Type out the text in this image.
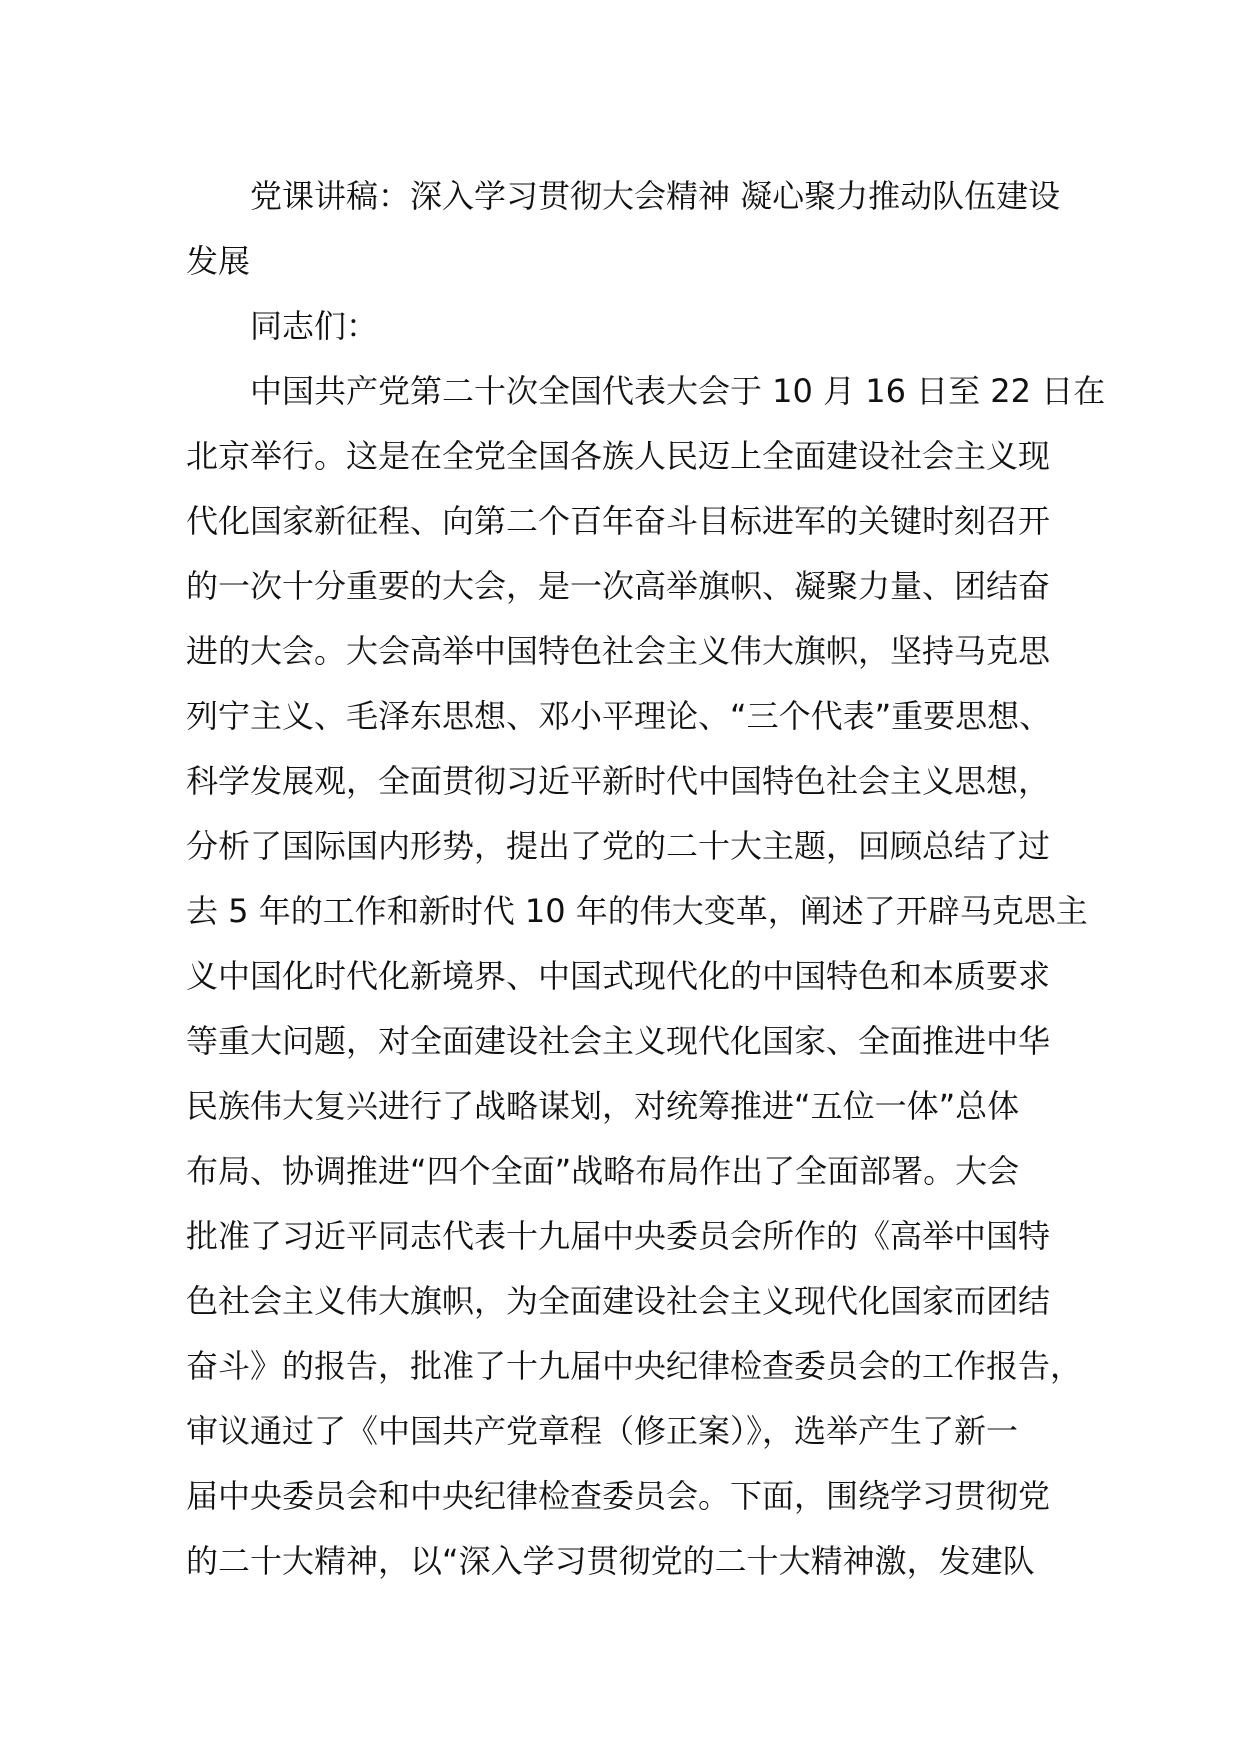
党课讲稿：深入学习贯彻大会精神 凝心聚力推动队伍建设
发展
同志们：
中国共产党第二十次全国代表大会于 10 月 16 日至 22 日在
北京举行。这是在全党全国各族人民迈上全面建设社会主义现
代化国家新征程、向第二个百年奋斗目标进军的关键时刻召开
的一次十分重要的大会，是一次高举旗帜、凝聚力量、团结奋
进的大会。大会高举中国特色社会主义伟大旗帜，坚持马克思
列宁主义、毛泽东思想、邓小平理论、“三个代表”重要思想、
科学发展观，全面贯彻习近平新时代中国特色社会主义思想，
分析了国际国内形势，提出了党的二十大主题，回顾总结了过
去 5 年的工作和新时代 10 年的伟大变革，阐述了开辟马克思主
义中国化时代化新境界、中国式现代化的中国特色和本质要求
等重大问题，对全面建设社会主义现代化国家、全面推进中华
民族伟大复兴进行了战略谋划，对统筹推进“五位一体”总体
布局、协调推进“四个全面”战略布局作出了全面部署。大会
批准了习近平同志代表十九届中央委员会所作的《高举中国特
色社会主义伟大旗帜，为全面建设社会主义现代化国家而团结
奋斗》的报告，批准了十九届中央纪律检查委员会的工作报告，
审议通过了《中国共产党章程（修正案）》，选举产生了新一
届中央委员会和中央纪律检查委员会。下面，围绕学习贯彻党
的二十大精神，以“深入学习贯彻党的二十大精神激，发建队
